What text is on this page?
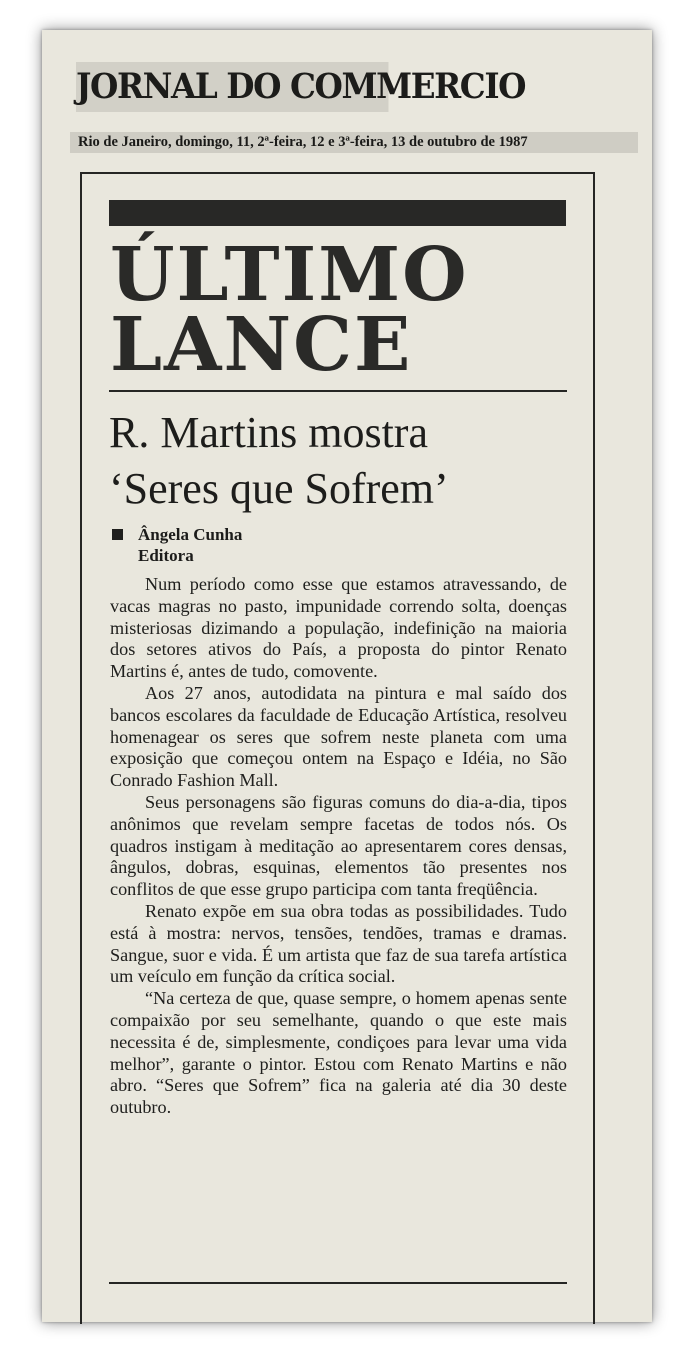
JORNAL DO COMMERCIO
Rio de Janeiro, domingo, 11, 2ª-feira, 12 e 3ª-feira, 13 de outubro de 1987
ÚLTIMO
LANCE
R. Martins mostra
‘Seres que Sofrem’
Ângela Cunha
Editora

Num período como esse que estamos atravessando, de vacas magras no pasto, impunidade correndo solta, doenças misteriosas dizimando a população, indefinição na maioria dos setores ativos do País, a proposta do pintor Renato Martins é, antes de tudo, comovente.

Aos 27 anos, autodidata na pintura e mal saído dos bancos escolares da faculdade de Educação Artística, resolveu homenagear os seres que sofrem neste planeta com uma exposição que começou ontem na Espaço e Idéia, no São Conrado Fashion Mall.

Seus personagens são figuras comuns do dia-a-dia, tipos anônimos que revelam sempre facetas de todos nós. Os quadros instigam à meditação ao apresentarem cores densas, ângulos, dobras, esquinas, elementos tão presentes nos conflitos de que esse grupo participa com tanta freqüência.

Renato expõe em sua obra todas as possibilidades. Tudo está à mostra: nervos, tensões, tendões, tramas e dramas. Sangue, suor e vida. É um artista que faz de sua tarefa artística um veículo em função da crítica social.

“Na certeza de que, quase sempre, o homem apenas sente compaixão por seu semelhante, quando o que este mais necessita é de, simplesmente, condiçoes para levar uma vida melhor”, garante o pintor. Estou com Renato Martins e não abro. “Seres que Sofrem” fica na galeria até dia 30 deste outubro.
